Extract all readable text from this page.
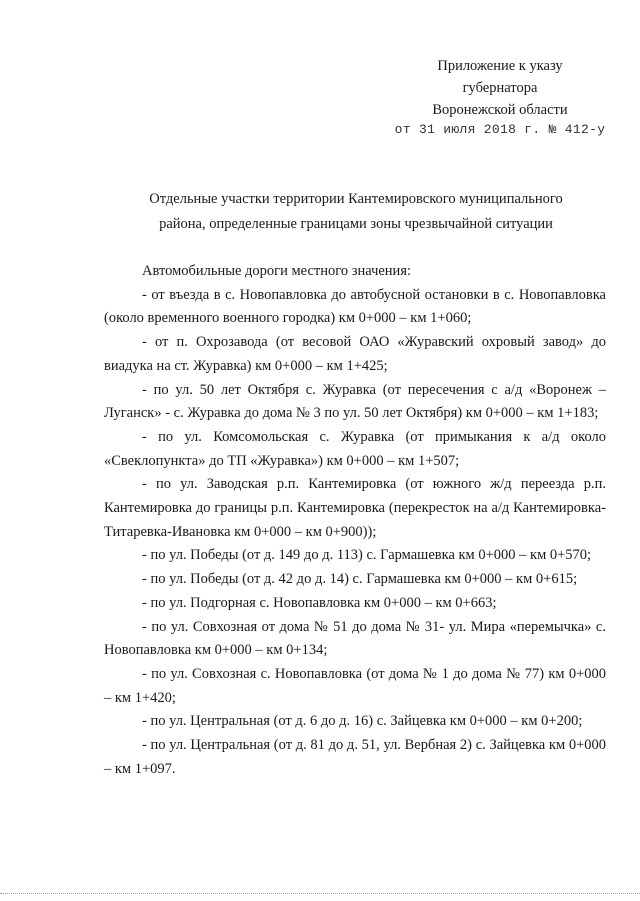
Приложение к указу
губернатора
Воронежской области
от 31 июля 2018 г. № 412-у
Отдельные участки территории Кантемировского муниципального
района, определенные границами зоны чрезвычайной ситуации

Автомобильные дороги местного значения:

- от въезда в с. Новопавловка до автобусной остановки в с. Новопавловка (около временного военного городка) км 0+000 – км 1+060;

- от п. Охрозавода (от весовой ОАО «Журавский охровый завод» до виадука на ст. Журавка) км 0+000 – км 1+425;

- по ул. 50 лет Октября с. Журавка (от пересечения с а/д «Воронеж – Луганск» - с. Журавка до дома № 3 по ул. 50 лет Октября) км 0+000 – км 1+183;

- по ул. Комсомольская с. Журавка (от примыкания к а/д около «Свеклопункта» до ТП «Журавка») км 0+000 – км 1+507;

- по ул. Заводская р.п. Кантемировка (от южного ж/д переезда р.п. Кантемировка до границы р.п. Кантемировка (перекресток на а/д Кантемировка-Титаревка-Ивановка км 0+000 – км 0+900));

- по ул. Победы (от д. 149 до д. 113) с. Гармашевка км 0+000 – км 0+570;

- по ул. Победы (от д. 42 до д. 14) с. Гармашевка км 0+000 – км 0+615;

- по ул. Подгорная с. Новопавловка км 0+000 – км 0+663;

- по ул. Совхозная от дома № 51 до дома № 31- ул. Мира «перемычка» с. Новопавловка км 0+000 – км 0+134;

- по ул. Совхозная с. Новопавловка (от дома № 1 до дома № 77) км 0+000 – км 1+420;

- по ул. Центральная (от д. 6 до д. 16) с. Зайцевка км 0+000 – км 0+200;

- по ул. Центральная (от д. 81 до д. 51, ул. Вербная 2) с. Зайцевка км 0+000 – км 1+097.
